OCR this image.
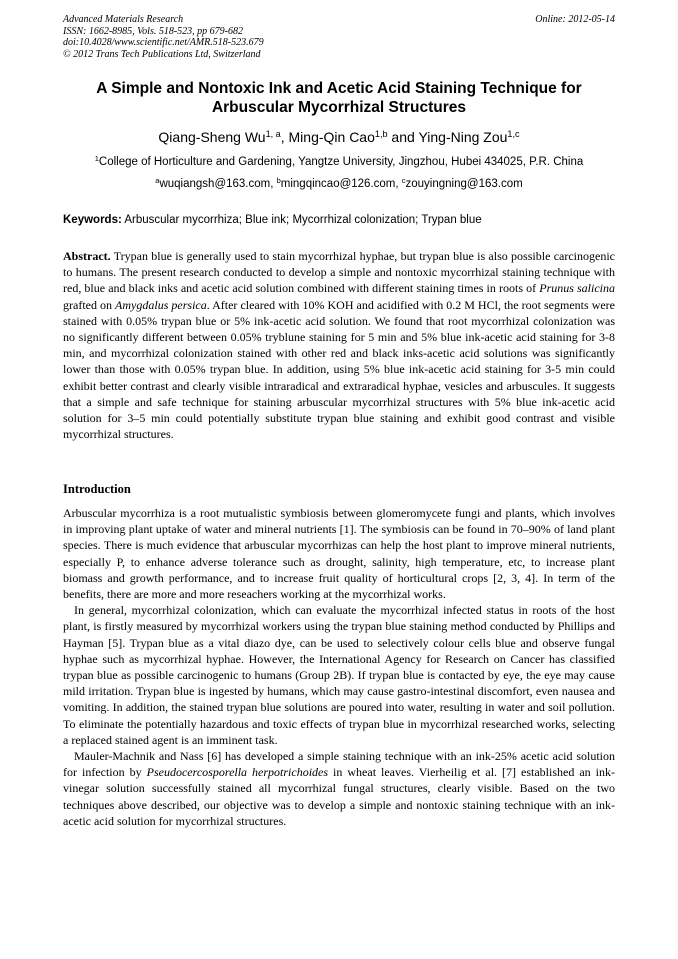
Advanced Materials Research
ISSN: 1662-8985, Vols. 518-523, pp 679-682
doi:10.4028/www.scientific.net/AMR.518-523.679
© 2012 Trans Tech Publications Ltd, Switzerland
Online: 2012-05-14
A Simple and Nontoxic Ink and Acetic Acid Staining Technique for Arbuscular Mycorrhizal Structures
Qiang-Sheng Wu$^{1, a}$, Ming-Qin Cao$^{1,b}$ and Ying-Ning Zou$^{1,c}$
$^1$College of Horticulture and Gardening, Yangtze University, Jingzhou, Hubei 434025, P.R. China
$^a$wuqiangsh@163.com, $^b$mingqincao@126.com, $^c$zouyingning@163.com
Keywords: Arbuscular mycorrhiza; Blue ink; Mycorrhizal colonization; Trypan blue

Abstract. Trypan blue is generally used to stain mycorrhizal hyphae, but trypan blue is also possible carcinogenic to humans. The present research conducted to develop a simple and nontoxic mycorrhizal staining technique with red, blue and black inks and acetic acid solution combined with different staining times in roots of Prunus salicina grafted on Amygdalus persica. After cleared with 10% KOH and acidified with 0.2 M HCl, the root segments were stained with 0.05% trypan blue or 5% ink-acetic acid solution. We found that root mycorrhizal colonization was no significantly different between 0.05% tryblune staining for 5 min and 5% blue ink-acetic acid staining for 3-8 min, and mycorrhizal colonization stained with other red and black inks-acetic acid solutions was significantly lower than those with 0.05% trypan blue. In addition, using 5% blue ink-acetic acid staining for 3-5 min could exhibit better contrast and clearly visible intraradical and extraradical hyphae, vesicles and arbuscules. It suggests that a simple and safe technique for staining arbuscular mycorrhizal structures with 5% blue ink-acetic acid solution for 3–5 min could potentially substitute trypan blue staining and exhibit good contrast and visible mycorrhizal structures.

Introduction

Arbuscular mycorrhiza is a root mutualistic symbiosis between glomeromycete fungi and plants, which involves in improving plant uptake of water and mineral nutrients [1]. The symbiosis can be found in 70–90% of land plant species. There is much evidence that arbuscular mycorrhizas can help the host plant to improve mineral nutrients, especially P, to enhance adverse tolerance such as drought, salinity, high temperature, etc, to increase plant biomass and growth performance, and to increase fruit quality of horticultural crops [2, 3, 4]. In term of the benefits, there are more and more reseachers working at the mycorrhizal works.

In general, mycorrhizal colonization, which can evaluate the mycorrhizal infected status in roots of the host plant, is firstly measured by mycorrhizal workers using the trypan blue staining method conducted by Phillips and Hayman [5]. Trypan blue as a vital diazo dye, can be used to selectively colour cells blue and observe fungal hyphae such as mycorrhizal hyphae. However, the International Agency for Research on Cancer has classified trypan blue as possible carcinogenic to humans (Group 2B). If trypan blue is contacted by eye, the eye may cause mild irritation. Trypan blue is ingested by humans, which may cause gastro-intestinal discomfort, even nausea and vomiting. In addition, the stained trypan blue solutions are poured into water, resulting in water and soil pollution. To eliminate the potentially hazardous and toxic effects of trypan blue in mycorrhizal researched works, selecting a replaced stained agent is an imminent task.

Mauler-Machnik and Nass [6] has developed a simple staining technique with an ink-25% acetic acid solution for infection by Pseudocercosporella herpotrichoides in wheat leaves. Vierheilig et al. [7] established an ink-vinegar solution successfully stained all mycorrhizal fungal structures, clearly visible. Based on the two techniques above described, our objective was to develop a simple and nontoxic staining technique with an ink-acetic acid solution for mycorrhizal structures.
